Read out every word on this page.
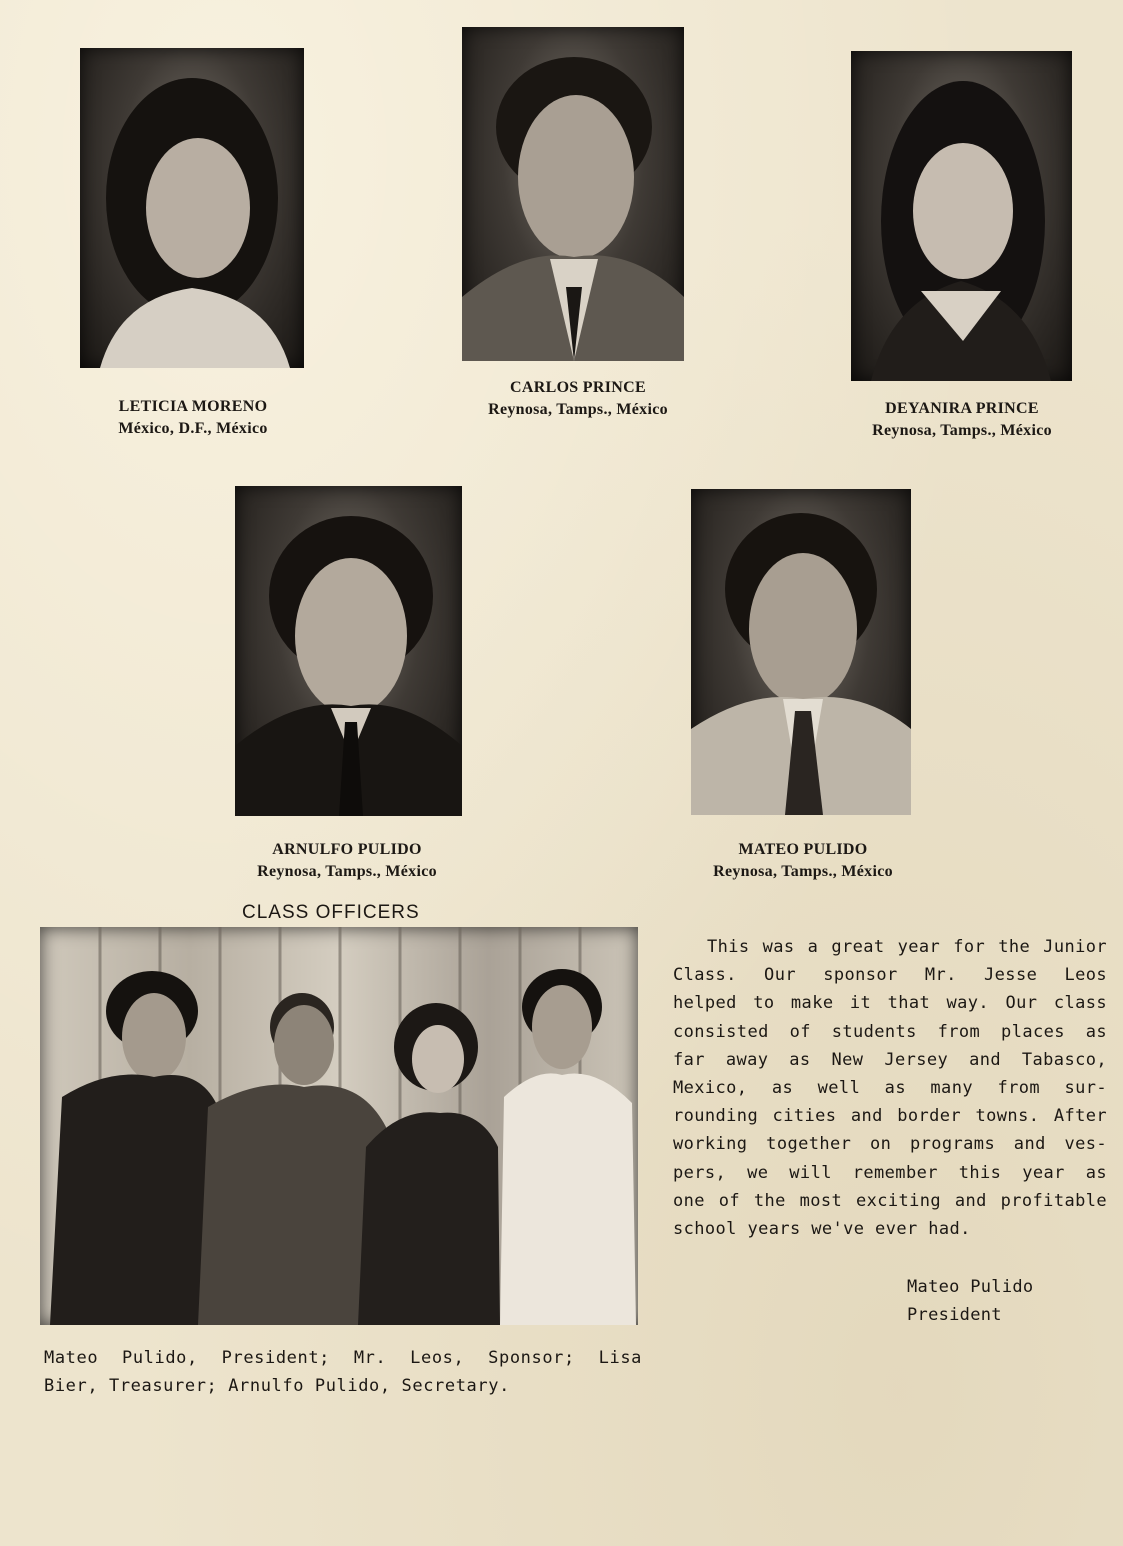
LETICIA MORENO
México, D.F., México
CARLOS PRINCE
Reynosa, Tamps., México	DEYANIRA PRINCE
Reynosa, Tamps., México
ARNULFO PULIDO
Reynosa, Tamps., México
MATEO PULIDO
Reynosa, Tamps., México
CLASS OFFICERS
Mateo Pulido, President; Mr. Leos, Sponsor; Lisa
Bier, Treasurer; Arnulfo Pulido, Secretary.
This was a great year for the Junior
Class. Our sponsor Mr. Jesse Leos
helped to make it that way. Our class
consisted of students from places as
far away as New Jersey and Tabasco,
Mexico, as well as many from sur-
rounding cities and border towns. After
working together on programs and ves-
pers, we will remember this year as
one of the most exciting and profitable
school years we've ever had.
Mateo Pulido
President
